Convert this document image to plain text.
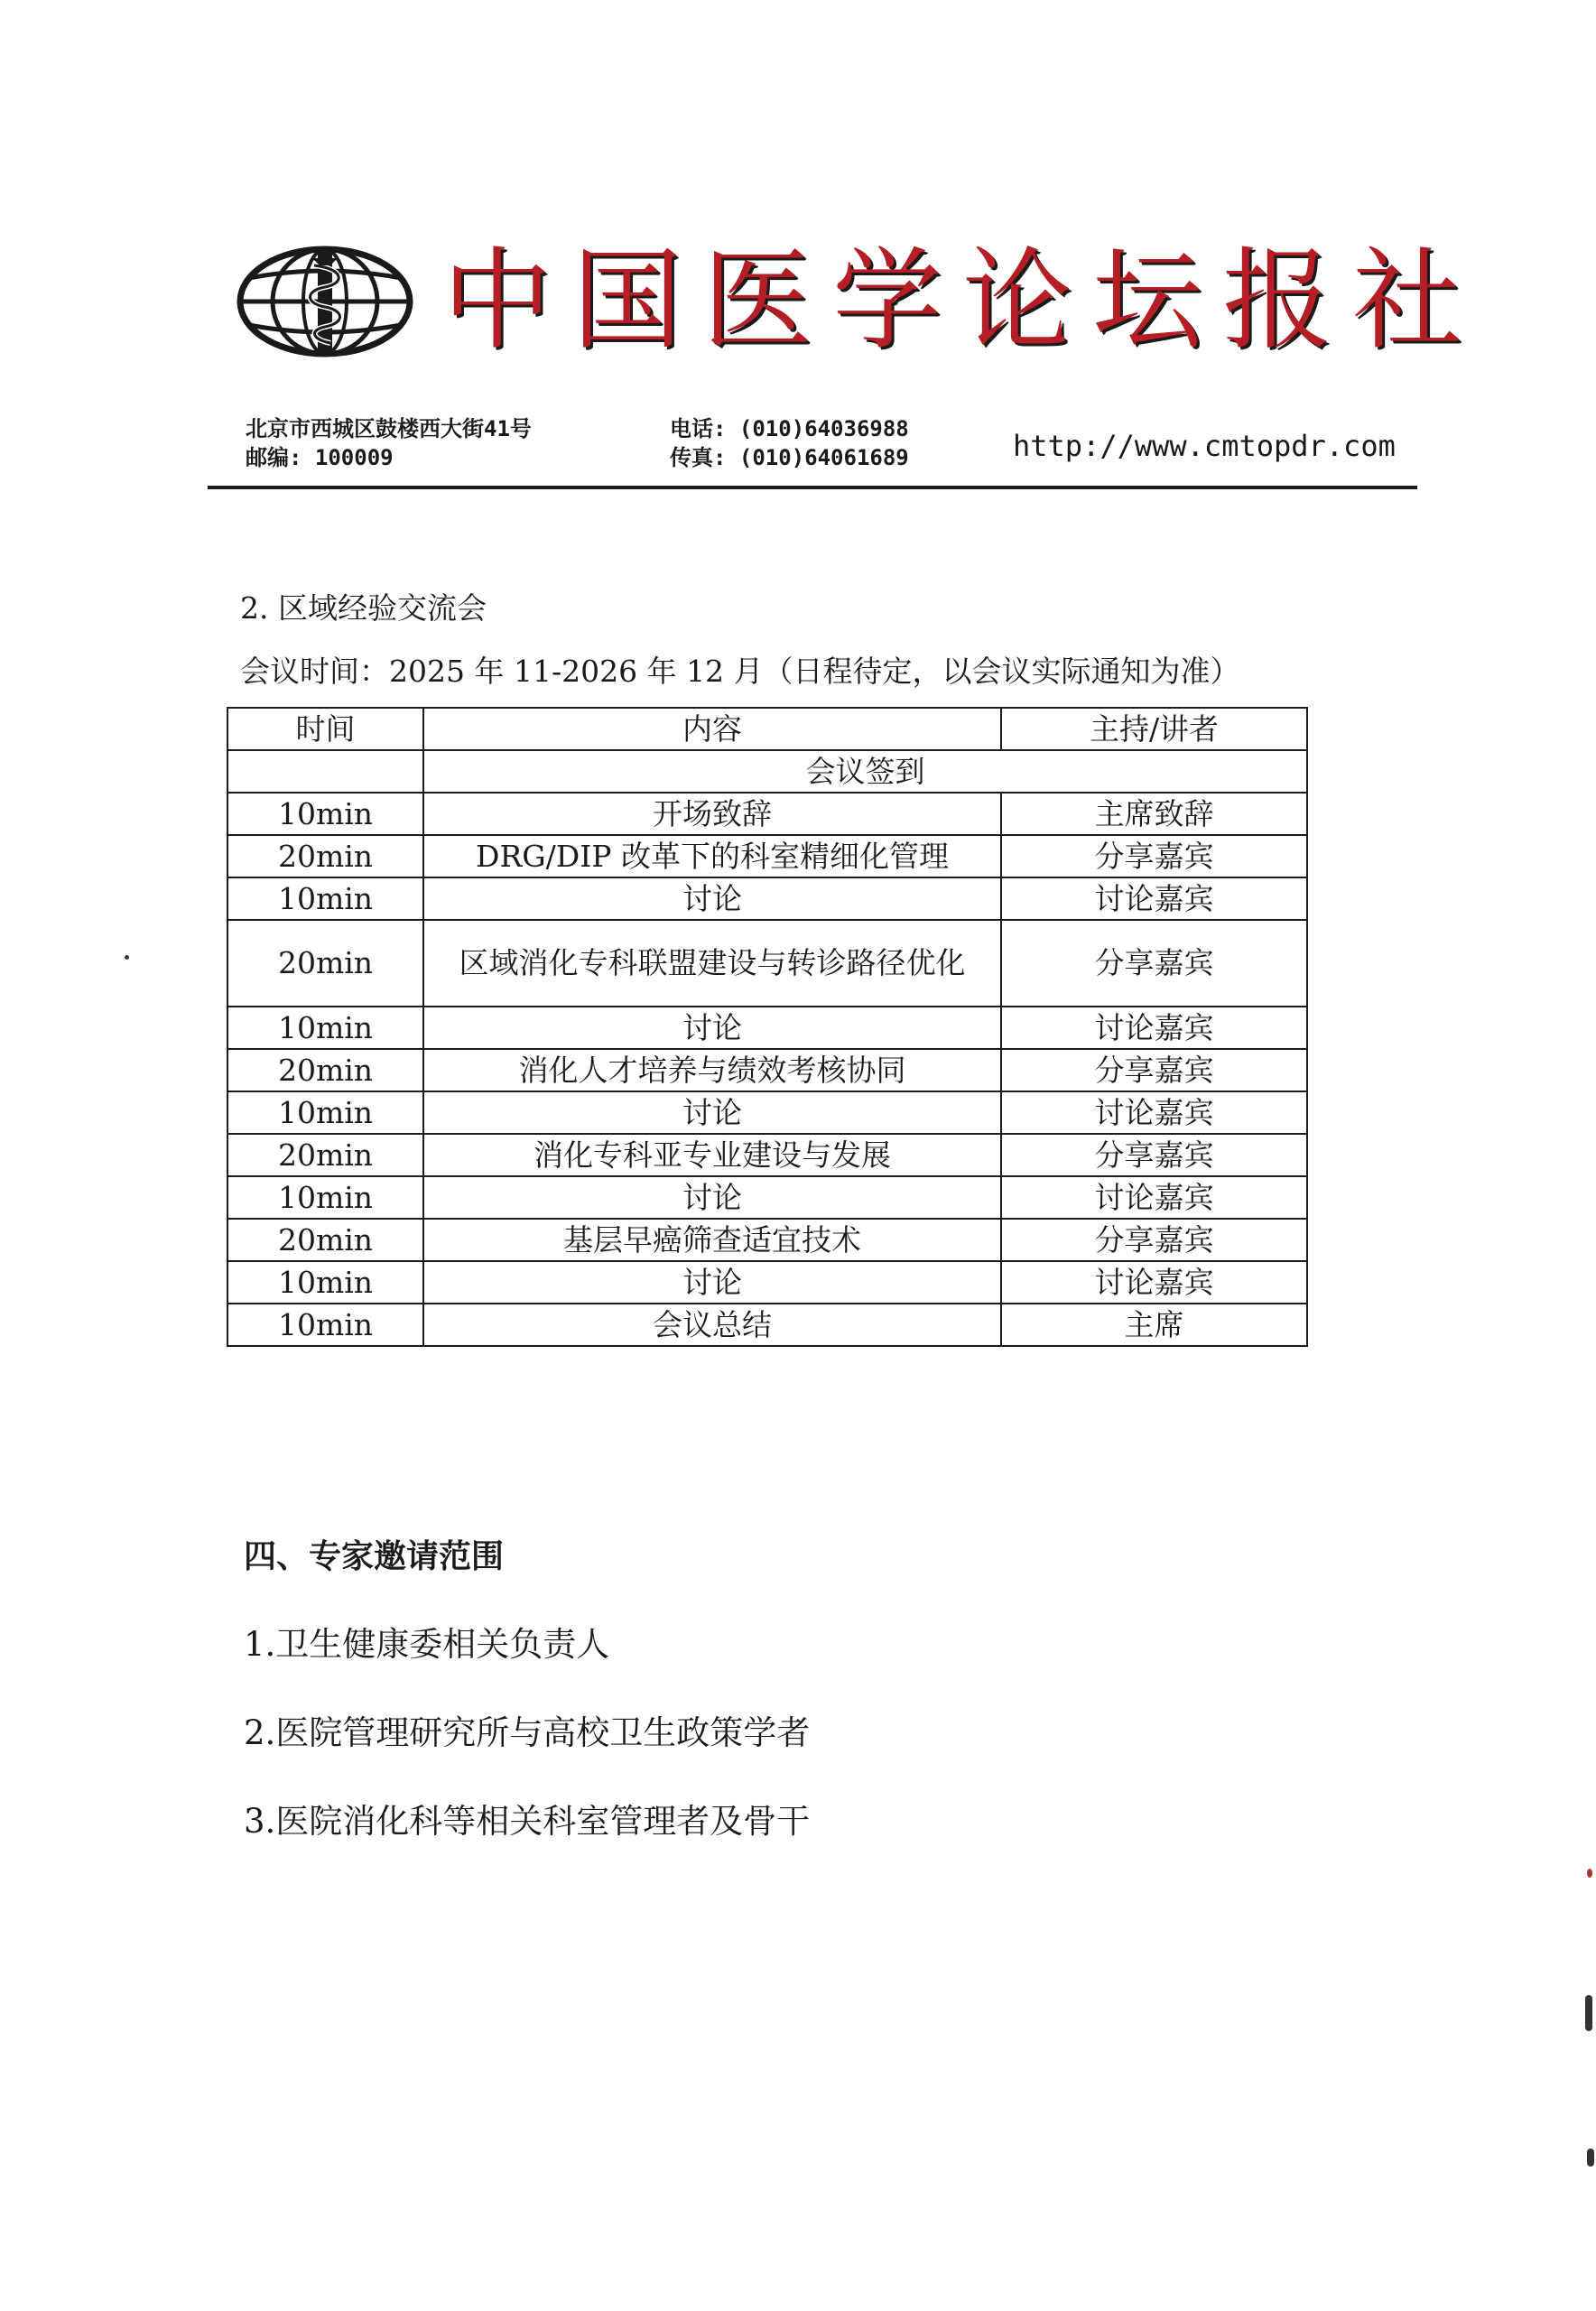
中国医学论坛报社
北京市西城区鼓楼西大街41号
邮编: 100009
电话: (010)64036988
传真: (010)64061689	http://www.cmtopdr.com
2. 区域经验交流会
会议时间：2025 年 11-2026 年 12 月（日程待定，以会议实际通知为准）
时间	内容	主持/讲者
	会议签到	
10min	开场致辞	主席致辞
20min	DRG/DIP 改革下的科室精细化管理	分享嘉宾
10min	讨论	讨论嘉宾
20min	区域消化专科联盟建设与转诊路径优化	分享嘉宾
10min	讨论	讨论嘉宾
20min	消化人才培养与绩效考核协同	分享嘉宾
10min	讨论	讨论嘉宾
20min	消化专科亚专业建设与发展	分享嘉宾
10min	讨论	讨论嘉宾
20min	基层早癌筛查适宜技术	分享嘉宾
10min	讨论	讨论嘉宾
10min	会议总结	主席
四、专家邀请范围
1.卫生健康委相关负责人
2.医院管理研究所与高校卫生政策学者
3.医院消化科等相关科室管理者及骨干
